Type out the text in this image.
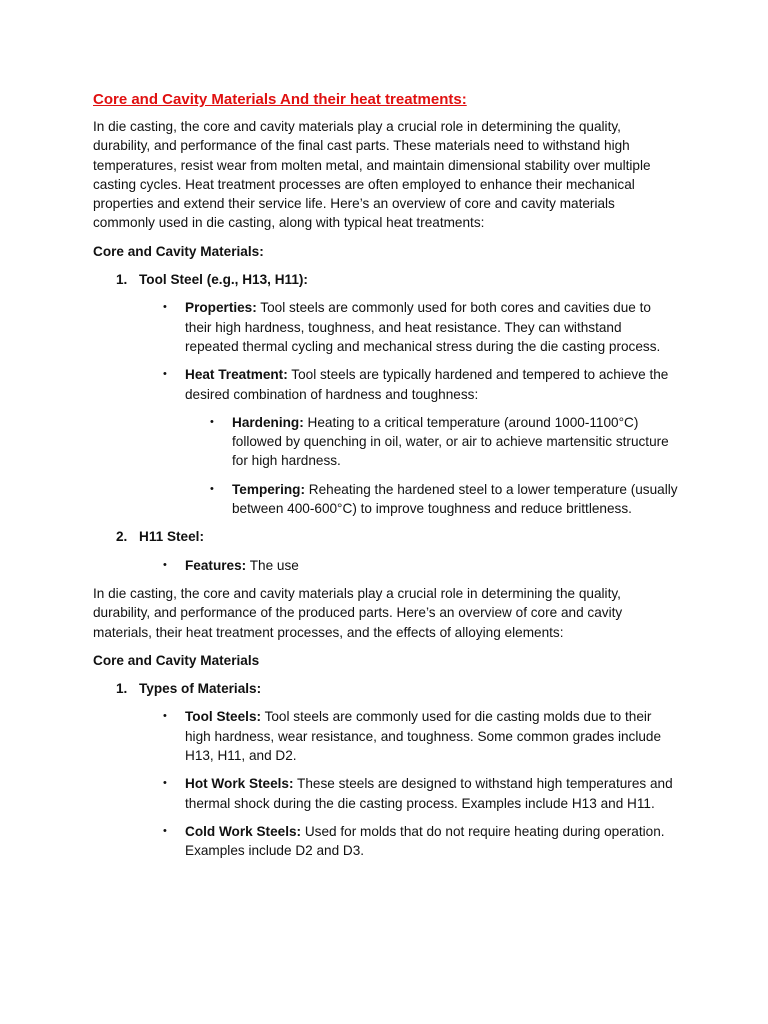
Core and Cavity Materials And their heat treatments:

In die casting, the core and cavity materials play a crucial role in determining the quality, durability, and performance of the final cast parts. These materials need to withstand high temperatures, resist wear from molten metal, and maintain dimensional stability over multiple casting cycles. Heat treatment processes are often employed to enhance their mechanical properties and extend their service life. Here’s an overview of core and cavity materials commonly used in die casting, along with typical heat treatments:

Core and Cavity Materials:
1. Tool Steel (e.g., H13, H11):
• Properties: Tool steels are commonly used for both cores and cavities due to their high hardness, toughness, and heat resistance. They can withstand repeated thermal cycling and mechanical stress during the die casting process.
• Heat Treatment: Tool steels are typically hardened and tempered to achieve the desired combination of hardness and toughness:
• Hardening: Heating to a critical temperature (around 1000-1100°C) followed by quenching in oil, water, or air to achieve martensitic structure for high hardness.
• Tempering: Reheating the hardened steel to a lower temperature (usually between 400-600°C) to improve toughness and reduce brittleness.
2. H11 Steel:
• Features: The use

In die casting, the core and cavity materials play a crucial role in determining the quality, durability, and performance of the produced parts. Here’s an overview of core and cavity materials, their heat treatment processes, and the effects of alloying elements:

Core and Cavity Materials
1. Types of Materials:
• Tool Steels: Tool steels are commonly used for die casting molds due to their high hardness, wear resistance, and toughness. Some common grades include H13, H11, and D2.
• Hot Work Steels: These steels are designed to withstand high temperatures and thermal shock during the die casting process. Examples include H13 and H11.
• Cold Work Steels: Used for molds that do not require heating during operation. Examples include D2 and D3.
